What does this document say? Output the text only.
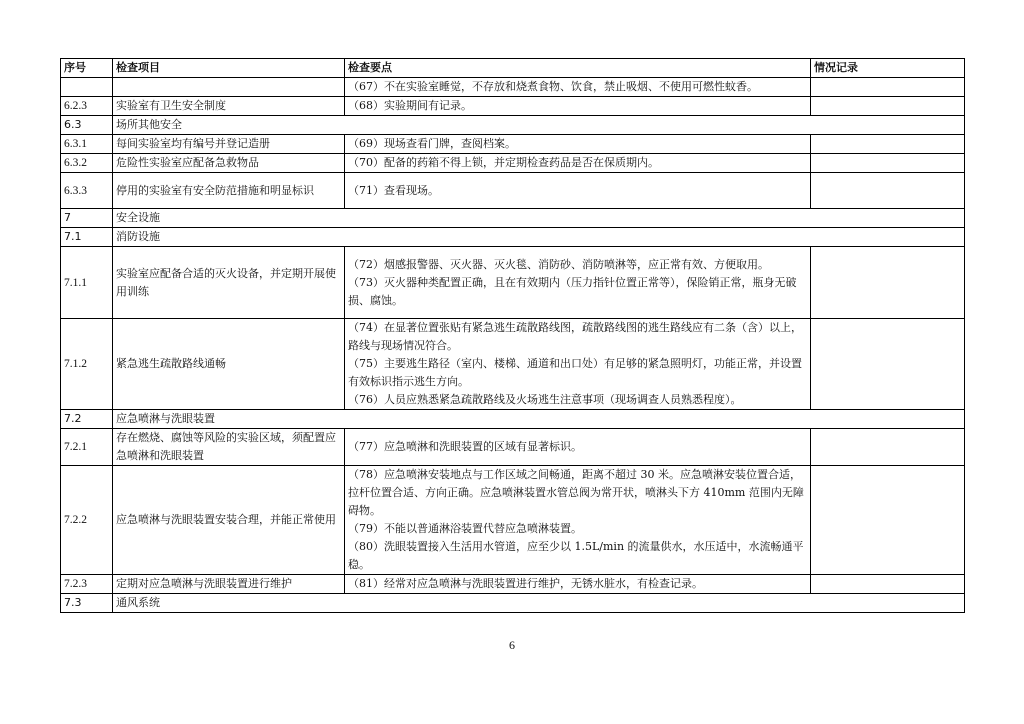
序号	检查项目	检查要点	情况记录

		（67）不在实验室睡觉，不存放和烧煮食物、饮食，禁止吸烟、不使用可燃性蚊香。	

6.2.3	实验室有卫生安全制度	（68）实验期间有记录。	

6.3	场所其他安全		
6.3.1	每间实验室均有编号并登记造册	（69）现场查看门牌，查阅档案。	

6.3.2	危险性实验室应配备急救物品	（70）配备的药箱不得上锁，并定期检查药品是否在保质期内。	

6.3.3	停用的实验室有安全防范措施和明显标识	（71）查看现场。	

7	安全设施		
7.1	消防设施		
7.1.1	实验室应配备合适的灭火设备，并定期开展使用训练	（72）烟感报警器、灭火器、灭火毯、消防砂、消防喷淋等，应正常有效、方便取用。
（73）灭火器种类配置正确，且在有效期内（压力指针位置正常等），保险销正常，瓶身无破损、腐蚀。	

7.1.2	紧急逃生疏散路线通畅	（74）在显著位置张贴有紧急逃生疏散路线图，疏散路线图的逃生路线应有二条（含）以上，路线与现场情况符合。
（75）主要逃生路径（室内、楼梯、通道和出口处）有足够的紧急照明灯，功能正常，并设置有效标识指示逃生方向。
（76）人员应熟悉紧急疏散路线及火场逃生注意事项（现场调查人员熟悉程度）。	

7.2	应急喷淋与洗眼装置		
7.2.1	存在燃烧、腐蚀等风险的实验区域，须配置应急喷淋和洗眼装置	（77）应急喷淋和洗眼装置的区域有显著标识。	

7.2.2	应急喷淋与洗眼装置安装合理，并能正常使用	（78）应急喷淋安装地点与工作区域之间畅通，距离不超过 30 米。应急喷淋安装位置合适，拉杆位置合适、方向正确。应急喷淋装置水管总阀为常开状，喷淋头下方 410mm 范围内无障碍物。
（79）不能以普通淋浴装置代替应急喷淋装置。
（80）洗眼装置接入生活用水管道，应至少以 1.5L/min 的流量供水，水压适中，水流畅通平稳。	

7.2.3	定期对应急喷淋与洗眼装置进行维护	（81）经常对应急喷淋与洗眼装置进行维护，无锈水脏水，有检查记录。	

7.3	通风系统		
6
